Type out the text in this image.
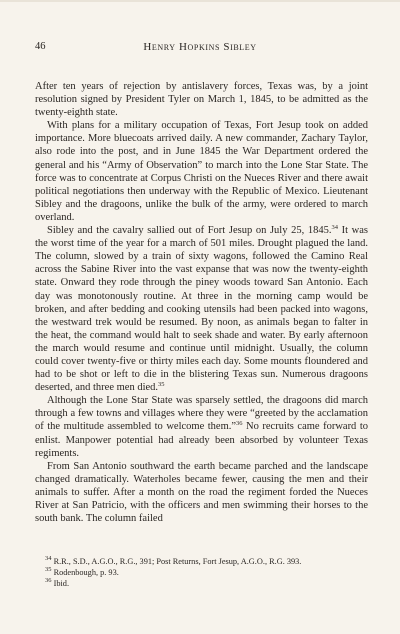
46	Henry Hopkins Sibley

After ten years of rejection by antislavery forces, Texas was, by a joint resolution signed by President Tyler on March 1, 1845, to be admitted as the twenty-eighth state.

With plans for a military occupation of Texas, Fort Jesup took on added importance. More bluecoats arrived daily. A new commander, Zachary Taylor, also rode into the post, and in June 1845 the War Department ordered the general and his “Army of Observation” to march into the Lone Star State. The force was to concentrate at Corpus Christi on the Nueces River and there await political negotiations then underway with the Republic of Mexico. Lieutenant Sibley and the dragoons, unlike the bulk of the army, were ordered to march overland.

Sibley and the cavalry sallied out of Fort Jesup on July 25, 1845.34 It was the worst time of the year for a march of 501 miles. Drought plagued the land. The column, slowed by a train of sixty wagons, followed the Camino Real across the Sabine River into the vast expanse that was now the twenty-eighth state. Onward they rode through the piney woods toward San Antonio. Each day was monotonously routine. At three in the morning camp would be broken, and after bedding and cooking utensils had been packed into wagons, the westward trek would be resumed. By noon, as animals began to falter in the heat, the command would halt to seek shade and water. By early afternoon the march would resume and continue until midnight. Usually, the column could cover twenty-five or thirty miles each day. Some mounts floundered and had to be shot or left to die in the blistering Texas sun. Numerous dragoons deserted, and three men died.$^{35}$

Although the Lone Star State was sparsely settled, the dragoons did march through a few towns and villages where they were “greeted by the acclamation of the multitude assembled to welcome them.”$^{36}$ No recruits came forward to enlist. Manpower potential had already been absorbed by volunteer Texas regiments.

From San Antonio southward the earth became parched and the landscape changed dramatically. Waterholes became fewer, causing the men and their animals to suffer. After a month on the road the regiment forded the Nueces River at San Patricio, with the officers and men swimming their horses to the south bank. The column failed

$^{34}$ R.R., S.D., A.G.O., R.G., 391; Post Returns, Fort Jesup, A.G.O., R.G. 393.

$^{35}$ Rodenbough, p. 93.

$^{36}$ Ibid.
